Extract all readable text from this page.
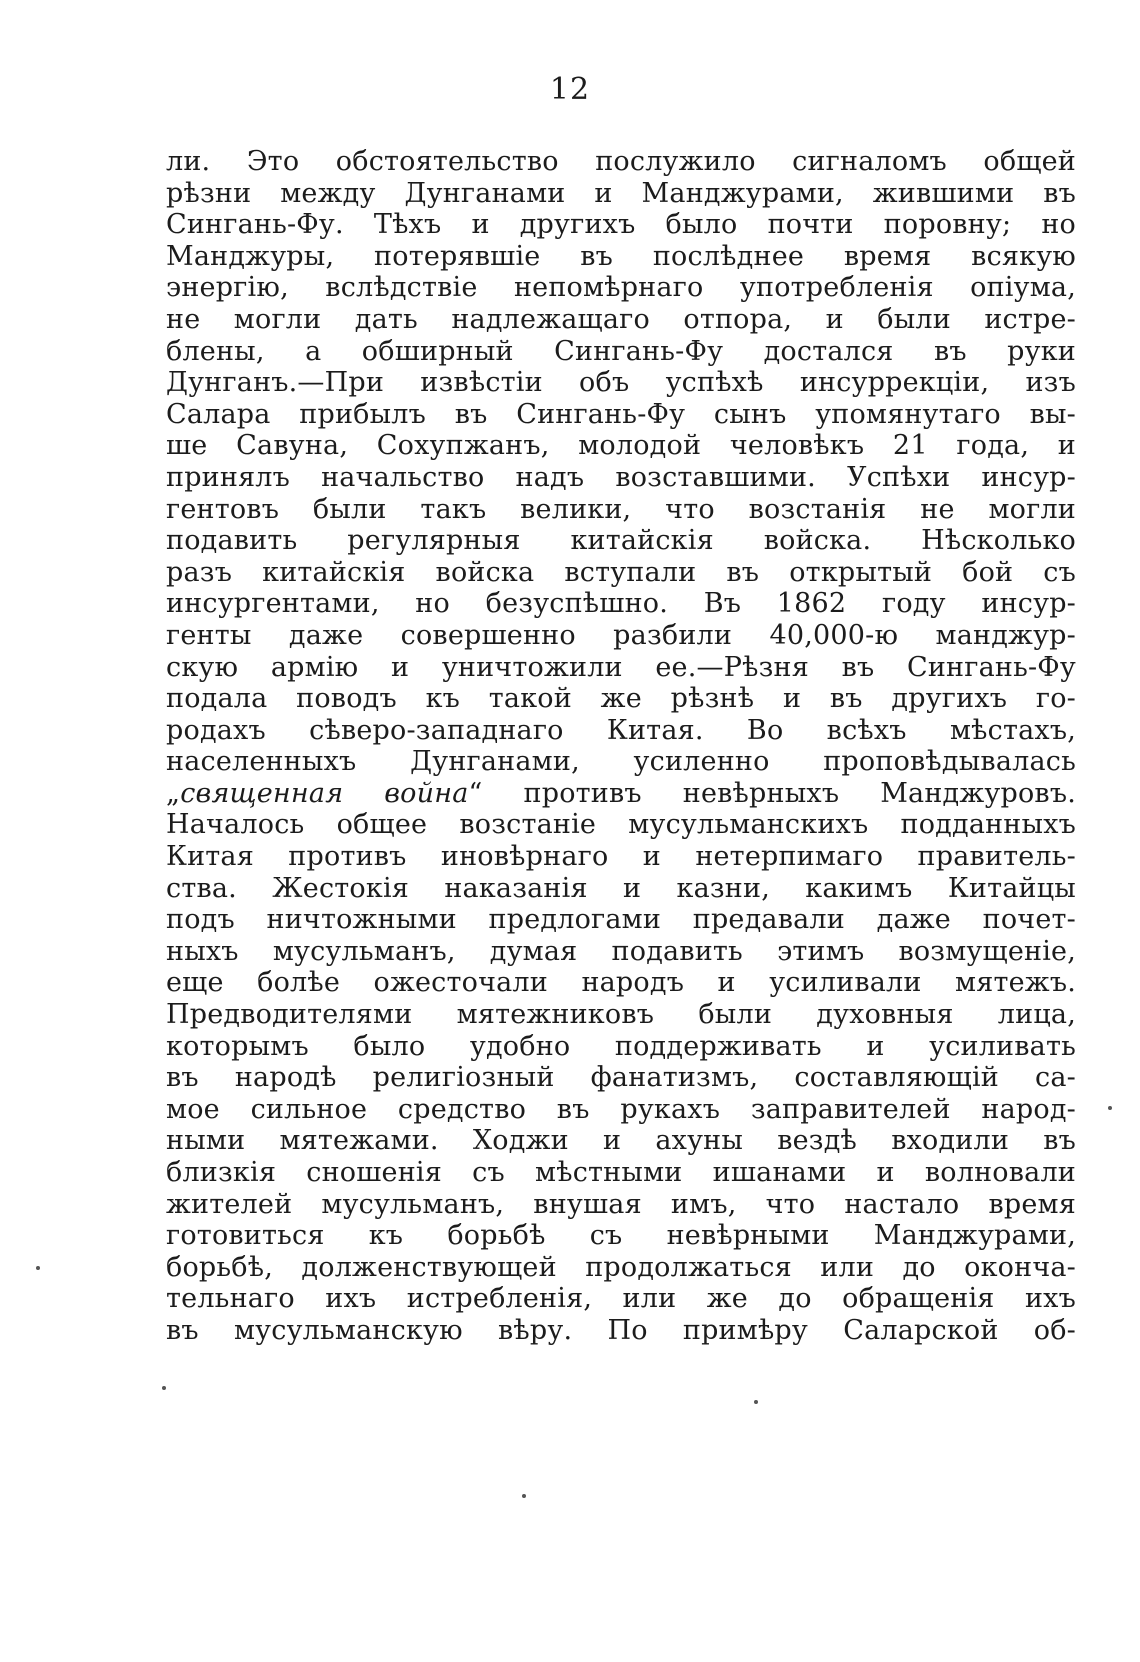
12
ли. Это обстоятельство послужило сигналомъ общей
рѣзни между Дунганами и Манджурами, жившими въ
Сингань-Фу. Тѣхъ и другихъ было почти поровну; но
Манджуры, потерявшіе въ послѣднее время всякую
энергію, вслѣдствіе непомѣрнаго употребленія опіума,
не могли дать надлежащаго отпора, и были истре-
блены, а обширный Сингань-Фу достался въ руки
Дунганъ.—При извѣстіи объ успѣхѣ инсуррекціи, изъ
Салара прибылъ въ Сингань-Фу сынъ упомянутаго вы-
ше Савуна, Сохупжанъ, молодой человѣкъ 21 года, и
принялъ начальство надъ возставшими. Успѣхи инсур-
гентовъ были такъ велики, что возстанія не могли
подавить регулярныя китайскія войска. Нѣсколько
разъ китайскія войска вступали въ открытый бой съ
инсургентами, но безуспѣшно. Въ 1862 году инсур-
генты даже совершенно разбили 40,000-ю манджур-
скую армію и уничтожили ее.—Рѣзня въ Сингань-Фу
подала поводъ къ такой же рѣзнѣ и въ другихъ го-
родахъ сѣверо-западнаго Китая. Во всѣхъ мѣстахъ,
населенныхъ Дунганами, усиленно проповѣдывалась
„священная война“ противъ невѣрныхъ Манджуровъ.
Началось общее возстаніе мусульманскихъ подданныхъ
Китая противъ иновѣрнаго и нетерпимаго правитель-
ства. Жестокія наказанія и казни, какимъ Китайцы
подъ ничтожными предлогами предавали даже почет-
ныхъ мусульманъ, думая подавить этимъ возмущеніе,
еще болѣе ожесточали народъ и усиливали мятежъ.
Предводителями мятежниковъ были духовныя лица,
которымъ было удобно поддерживать и усиливать
въ народѣ религіозный фанатизмъ, составляющій са-
мое сильное средство въ рукахъ заправителей народ-
ными мятежами. Ходжи и ахуны вездѣ входили въ
близкія сношенія съ мѣстными ишанами и волновали
жителей мусульманъ, внушая имъ, что настало время
готовиться къ борьбѣ съ невѣрными Манджурами,
борьбѣ, долженствующей продолжаться или до оконча-
тельнаго ихъ истребленія, или же до обращенія ихъ
въ мусульманскую вѣру. По примѣру Саларской об-
